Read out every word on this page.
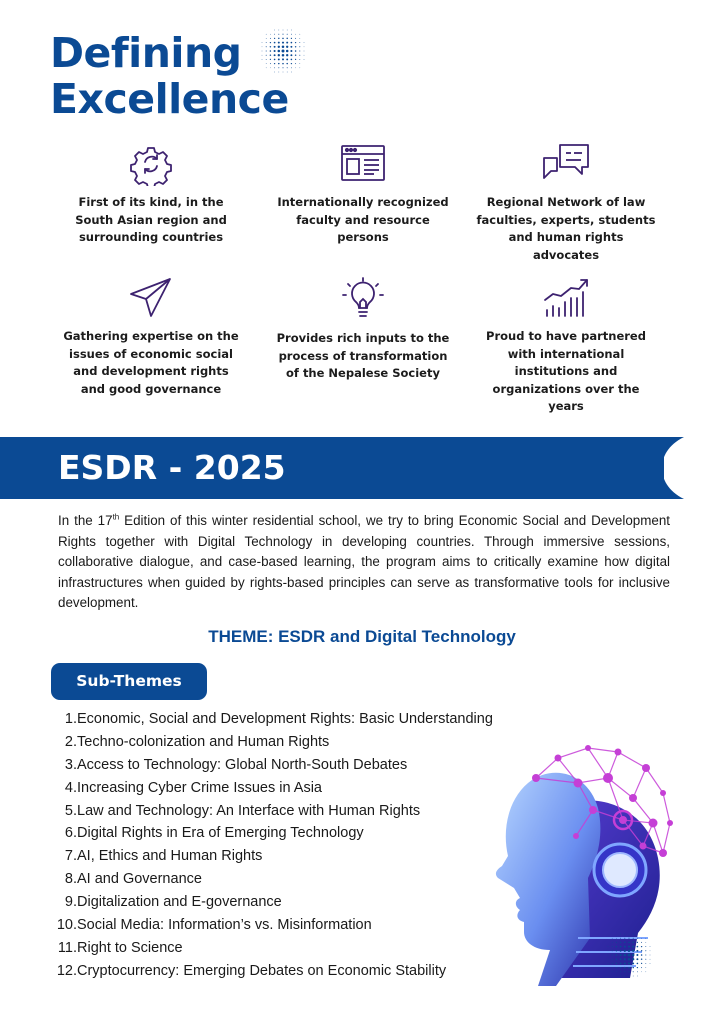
Defining
Excellence
First of its kind, in the South Asian region and surrounding countries
Internationally recognized faculty and resource persons
Regional Network of law faculties, experts, students and human rights advocates
Gathering expertise on the issues of economic social and development rights and good governance
Provides rich inputs to the process of transformation of the Nepalese Society
Proud to have partnered with international institutions and organizations over the years
ESDR - 2025

In the 17th Edition of this winter residential school, we try to bring Economic Social and Development Rights together with Digital Technology in developing countries. Through immersive sessions, collaborative dialogue, and case-based learning, the program aims to critically examine how digital infrastructures when guided by rights-based principles can serve as transformative tools for inclusive development.

THEME: ESDR and Digital Technology
Sub-Themes
1. Economic, Social and Development Rights: Basic Understanding
2. Techno-colonization and Human Rights
3. Access to Technology: Global North-South Debates
4. Increasing Cyber Crime Issues in Asia
5. Law and Technology: An Interface with Human Rights
6. Digital Rights in Era of Emerging Technology
7. AI, Ethics and Human Rights
8. AI and Governance
9. Digitalization and E-governance
10. Social Media: Information’s vs. Misinformation
11. Right to Science
12. Cryptocurrency: Emerging Debates on Economic Stability
